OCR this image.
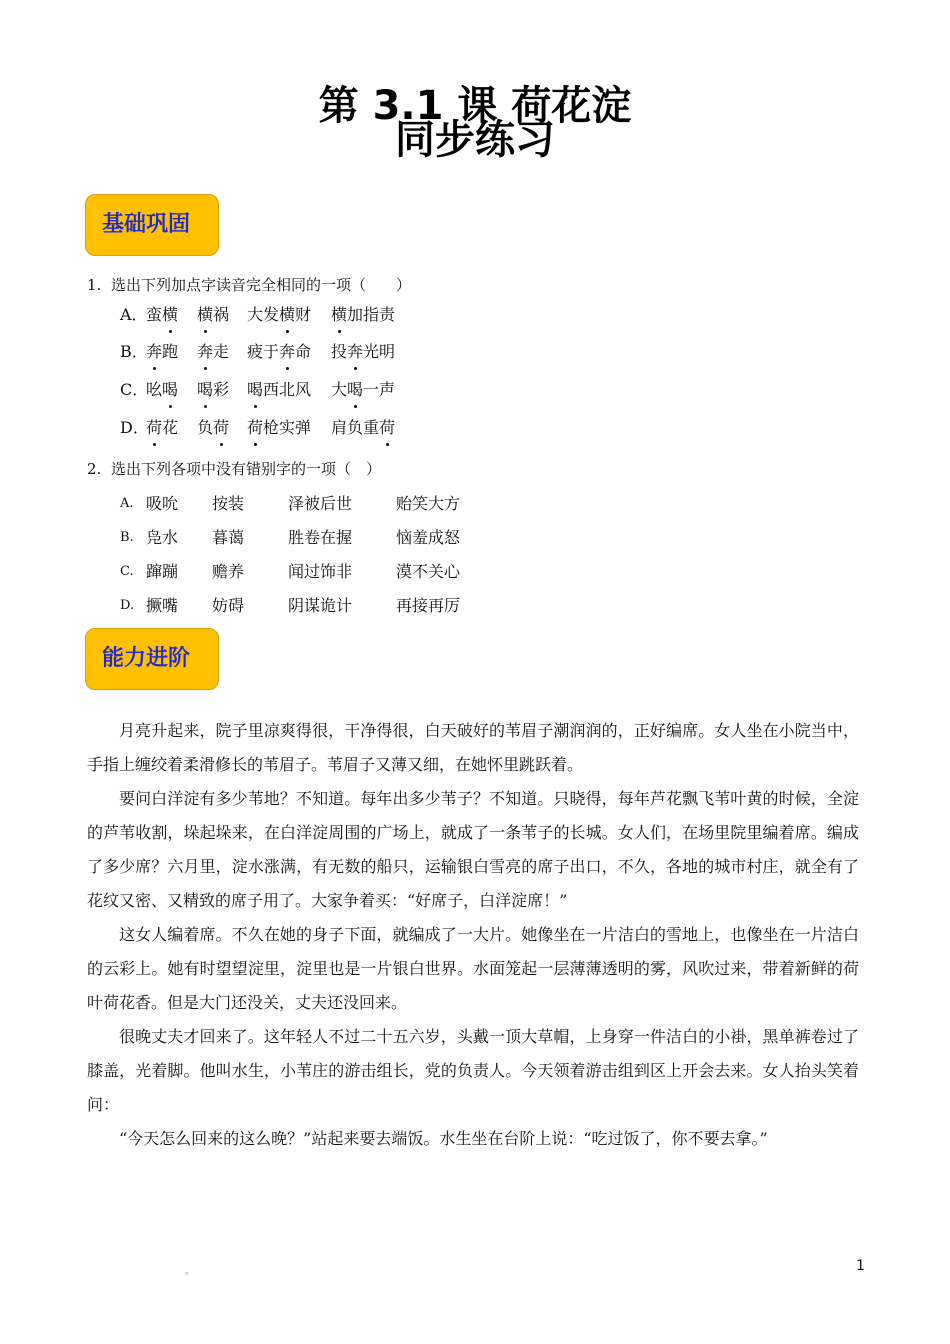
第 3.1 课 荷花淀
同步练习
基础巩固
1. 选出下列加点字读音完全相同的一项（　　）
A．
蛮横 横祸 大发横财 横加指责
B．
奔跑 奔走 疲于奔命 投奔光明
C．
吆喝 喝彩 喝西北风 大喝一声
D．
荷花 负荷 荷枪实弹 肩负重荷
2. 选出下列各项中没有错别字的一项（　）
A. 吸吮 按装	泽被后世	贻笑大方
B. 凫水 暮蔼	胜卷在握	恼羞成怒
C. 蹿蹦 赡养	闻过饰非	漠不关心
D. 撅嘴 妨碍	阴谋诡计	再接再厉
能力进阶

月亮升起来，院子里凉爽得很，干净得很，白天破好的苇眉子潮润润的，正好编席。女人坐在小院当中，手指上缠绞着柔滑修长的苇眉子。苇眉子又薄又细，在她怀里跳跃着。

要问白洋淀有多少苇地？不知道。每年出多少苇子？不知道。只晓得，每年芦花飘飞苇叶黄的时候，全淀的芦苇收割，垛起垛来，在白洋淀周围的广场上，就成了一条苇子的长城。女人们，在场里院里编着席。编成了多少席？六月里，淀水涨满，有无数的船只，运输银白雪亮的席子出口，不久，各地的城市村庄，就全有了花纹又密、又精致的席子用了。大家争着买：“好席子，白洋淀席！”

这女人编着席。不久在她的身子下面，就编成了一大片。她像坐在一片洁白的雪地上，也像坐在一片洁白的云彩上。她有时望望淀里，淀里也是一片银白世界。水面笼起一层薄薄透明的雾，风吹过来，带着新鲜的荷叶荷花香。但是大门还没关，丈夫还没回来。

很晚丈夫才回来了。这年轻人不过二十五六岁，头戴一顶大草帽，上身穿一件洁白的小褂，黑单裤卷过了膝盖，光着脚。他叫水生，小苇庄的游击组长，党的负责人。今天领着游击组到区上开会去来。女人抬头笑着问：

“今天怎么回来的这么晚？”站起来要去端饭。水生坐在台阶上说：“吃过饭了，你不要去拿。”

。	1
